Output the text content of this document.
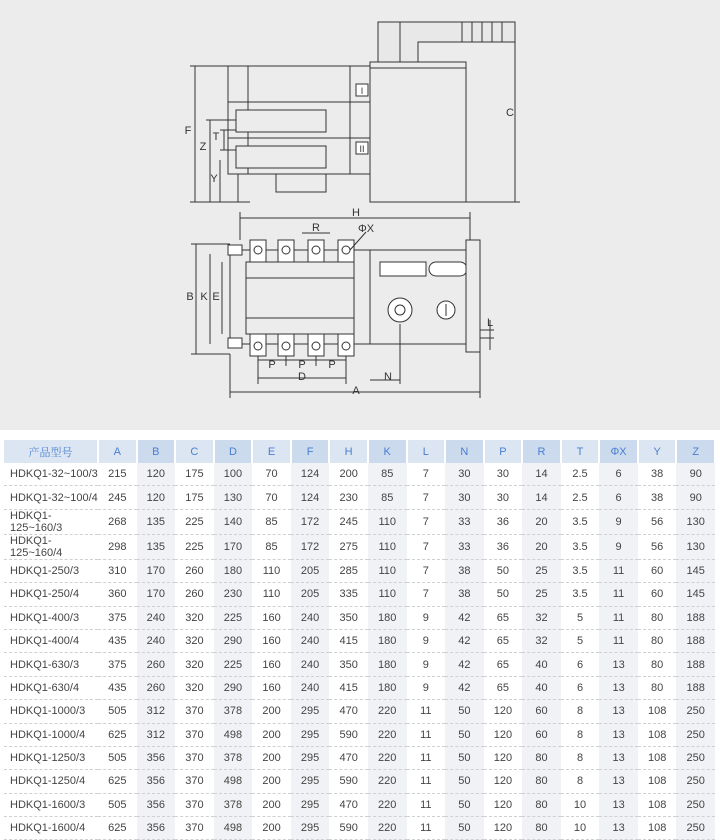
F
Z
T
Y
C
I
II
H
R	ΦX
B K E
L
P P P
D	N
A
产品型号	A	B	C	D	E	F	H	K	L	N	P	R	T	ΦX	Y	Z
HDKQ1-32~100/3	215	120	175	100	70	124	200	85	7	30	30	14	2.5	6	38	90
HDKQ1-32~100/4	245	120	175	130	70	124	230	85	7	30	30	14	2.5	6	38	90
HDKQ1-125~160/3	268	135	225	140	85	172	245	110	7	33	36	20	3.5	9	56	130
HDKQ1-125~160/4	298	135	225	170	85	172	275	110	7	33	36	20	3.5	9	56	130
HDKQ1-250/3	310	170	260	180	110	205	285	110	7	38	50	25	3.5	11	60	145
HDKQ1-250/4	360	170	260	230	110	205	335	110	7	38	50	25	3.5	11	60	145
HDKQ1-400/3	375	240	320	225	160	240	350	180	9	42	65	32	5	11	80	188
HDKQ1-400/4	435	240	320	290	160	240	415	180	9	42	65	32	5	11	80	188
HDKQ1-630/3	375	260	320	225	160	240	350	180	9	42	65	40	6	13	80	188
HDKQ1-630/4	435	260	320	290	160	240	415	180	9	42	65	40	6	13	80	188
HDKQ1-1000/3	505	312	370	378	200	295	470	220	11	50	120	60	8	13	108	250
HDKQ1-1000/4	625	312	370	498	200	295	590	220	11	50	120	60	8	13	108	250
HDKQ1-1250/3	505	356	370	378	200	295	470	220	11	50	120	80	8	13	108	250
HDKQ1-1250/4	625	356	370	498	200	295	590	220	11	50	120	80	8	13	108	250
HDKQ1-1600/3	505	356	370	378	200	295	470	220	11	50	120	80	10	13	108	250
HDKQ1-1600/4	625	356	370	498	200	295	590	220	11	50	120	80	10	13	108	250
